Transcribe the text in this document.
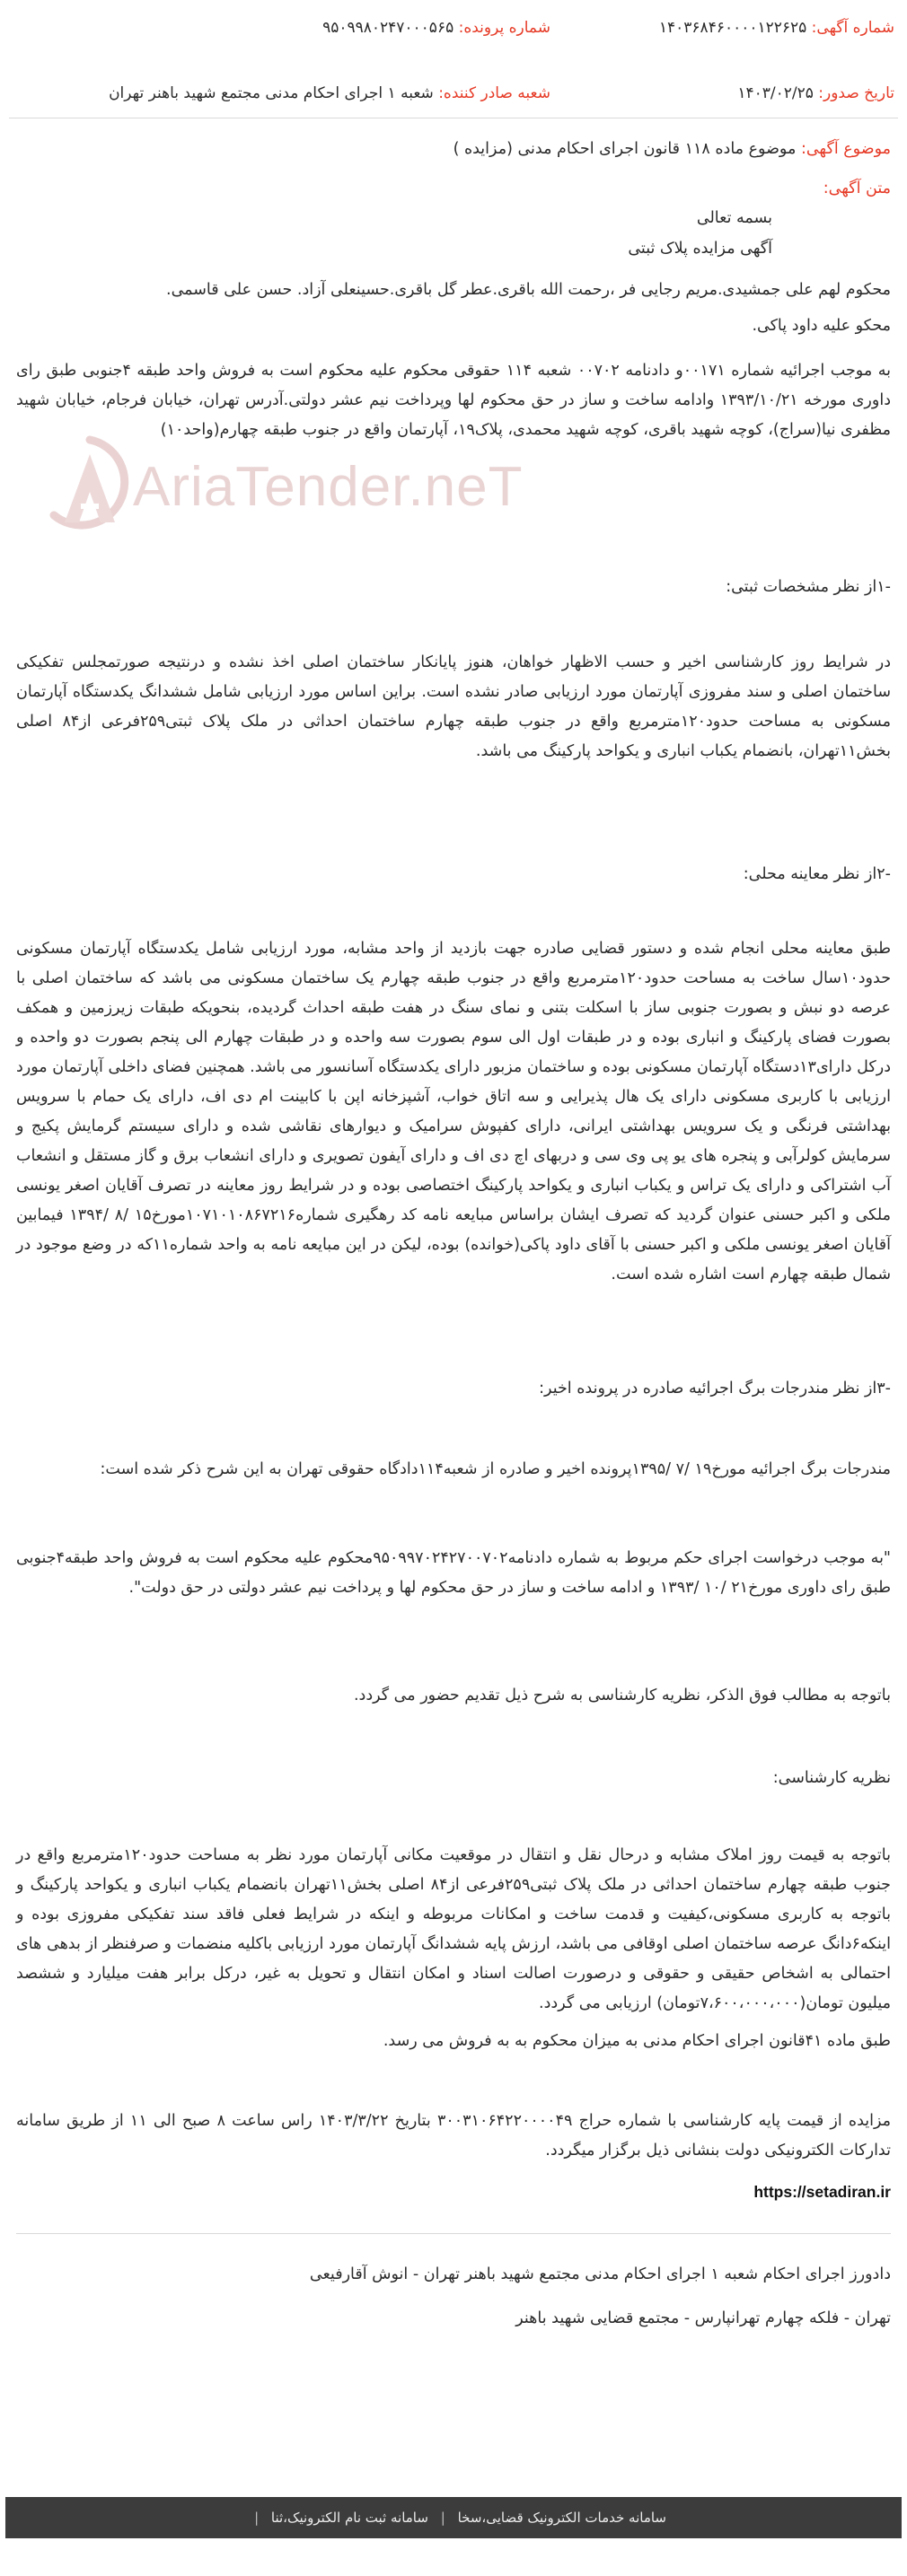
شماره آگهی: ۱۴۰۳۶۸۴۶۰۰۰۰۱۲۲۶۲۵
شماره پرونده: ۹۵۰۹۹۸۰۲۴۷۰۰۰۵۶۵
تاریخ صدور: ۱۴۰۳/۰۲/۲۵
شعبه صادر کننده: شعبه ۱ اجرای احکام مدنی مجتمع شهید باهنر تهران
AriaTender.neT
موضوع آگهی: موضوع ماده ۱۱۸ قانون اجرای احکام مدنی (مزایده )
متن آگهی:
بسمه تعالی
آگهی مزایده پلاک ثبتی
محکوم لهم علی جمشیدی.مریم رجایی فر ،رحمت الله باقری.عطر گل باقری.حسینعلی آزاد. حسن علی قاسمی.
محکو علیه داود پاکی.
به موجب اجرائیه شماره ۰۰۱۷۱و دادنامه ۰۰۷۰۲ شعبه ۱۱۴ حقوقی محکوم علیه محکوم است به فروش واحد طبقه ۴جنوبی طبق رای داوری مورخه ۱۳۹۳/۱۰/۲۱ وادامه ساخت و ساز در حق محکوم لها وپرداخت نیم عشر دولتی.آدرس تهران، خیابان فرجام، خیابان شهید مظفری نیا(سراج)، کوچه شهید باقری، کوچه شهید محمدی، پلاک۱۹، آپارتمان واقع در جنوب طبقه چهارم(واحد۱۰)
-۱از نظر مشخصات ثبتی:
در شرایط روز کارشناسی اخیر و حسب الاظهار خواهان، هنوز پایانکار ساختمان اصلی اخذ نشده و درنتیجه صورتمجلس تفکیکی ساختمان اصلی و سند مفروزی آپارتمان مورد ارزیابی صادر نشده است. براین اساس مورد ارزیابی شامل ششدانگ یکدستگاه آپارتمان مسکونی به مساحت حدود۱۲۰مترمربع واقع در جنوب طبقه چهارم ساختمان احداثی در ملک پلاک ثبتی۲۵۹فرعی از۸۴ اصلی بخش۱۱تهران، بانضمام یکباب انباری و یکواحد پارکینگ می باشد.
-۲از نظر معاینه محلی:
طبق معاینه محلی انجام شده و دستور قضایی صادره جهت بازدید از واحد مشابه، مورد ارزیابی شامل یکدستگاه آپارتمان مسکونی حدود۱۰سال ساخت به مساحت حدود۱۲۰مترمربع واقع در جنوب طبقه چهارم یک ساختمان مسکونی می باشد که ساختمان اصلی با عرصه دو نبش و بصورت جنوبی ساز با اسکلت بتنی و نمای سنگ در هفت طبقه احداث گردیده، بنحویکه طبقات زیرزمین و همکف بصورت فضای پارکینگ و انباری بوده و در طبقات اول الی سوم بصورت سه واحده و در طبقات چهارم الی پنجم بصورت دو واحده و درکل دارای۱۳دستگاه آپارتمان مسکونی بوده و ساختمان مزبور دارای یکدستگاه آسانسور می باشد. همچنین فضای داخلی آپارتمان مورد ارزیابی با کاربری مسکونی دارای یک هال پذیرایی و سه اتاق خواب، آشپزخانه اپن با کابینت ام دی اف، دارای یک حمام با سرویس بهداشتی فرنگی و یک سرویس بهداشتی ایرانی، دارای کفپوش سرامیک و دیوارهای نقاشی شده و دارای سیستم گرمایش پکیج و سرمایش کولرآبی و پنجره های یو پی وی سی و دربهای اچ دی اف و دارای آیفون تصویری و دارای انشعاب برق و گاز مستقل و انشعاب آب اشتراکی و دارای یک تراس و یکباب انباری و یکواحد پارکینگ اختصاصی بوده و در شرایط روز معاینه در تصرف آقایان اصغر یونسی ملکی و اکبر حسنی عنوان گردید که تصرف ایشان براساس مبایعه نامه کد رهگیری شماره۱۰۷۱۰۱۰۸۶۷۲۱۶مورخ۱۵ /۸ /۱۳۹۴ فیمابین آقایان اصغر یونسی ملکی و اکبر حسنی با آقای داود پاکی(خوانده) بوده، لیکن در این مبایعه نامه به واحد شماره۱۱که در وضع موجود در شمال طبقه چهارم است اشاره شده است.
-۳از نظر مندرجات برگ اجرائیه صادره در پرونده اخیر:
مندرجات برگ اجرائیه مورخ۱۹ /۷ /۱۳۹۵پرونده اخیر و صادره از شعبه۱۱۴دادگاه حقوقی تهران به این شرح ذکر شده است:
"به موجب درخواست اجرای حکم مربوط به شماره دادنامه۹۵۰۹۹۷۰۲۴۲۷۰۰۷۰۲محکوم علیه محکوم است به فروش واحد طبقه۴جنوبی طبق رای داوری مورخ۲۱ /۱۰ /۱۳۹۳ و ادامه ساخت و ساز در حق محکوم لها و پرداخت نیم عشر دولتی در حق دولت".
باتوجه به مطالب فوق الذکر، نظریه کارشناسی به شرح ذیل تقدیم حضور می گردد.
نظریه کارشناسی:
باتوجه به قیمت روز املاک مشابه و درحال نقل و انتقال در موقعیت مکانی آپارتمان مورد نظر به مساحت حدود۱۲۰مترمربع واقع در جنوب طبقه چهارم ساختمان احداثی در ملک پلاک ثبتی۲۵۹فرعی از۸۴ اصلی بخش۱۱تهران بانضمام یکباب انباری و یکواحد پارکینگ و باتوجه به کاربری مسکونی،کیفیت و قدمت ساخت و امکانات مربوطه و اینکه در شرایط فعلی فاقد سند تفکیکی مفروزی بوده و اینکه۶دانگ عرصه ساختمان اصلی اوقافی می باشد، ارزش پایه ششدانگ آپارتمان مورد ارزیابی باکلیه منضمات و صرفنظر از بدهی های احتمالی به اشخاص حقیقی و حقوقی و درصورت اصالت اسناد و امکان انتقال و تحویل به غیر، درکل برابر هفت میلیارد و ششصد میلیون تومان(۷،۶۰۰،۰۰۰،۰۰۰تومان) ارزیابی می گردد.
طبق ماده ۴۱قانون اجرای احکام مدنی به میزان محکوم به به فروش می رسد.
مزایده از قیمت پایه کارشناسی با شماره حراج ۳۰۰۳۱۰۶۴۲۲۰۰۰۰۴۹ بتاریخ ۱۴۰۳/۳/۲۲ راس ساعت ۸ صبح الی ۱۱ از طریق سامانه تدارکات الکترونیکی دولت بنشانی ذیل برگزار میگردد.
https://setadiran.ir
دادورز اجرای احکام شعبه ۱ اجرای احکام مدنی مجتمع شهید باهنر تهران - انوش آقارفیعی
تهران - فلکه چهارم تهرانپارس - مجتمع قضایی شهید باهنر
سامانه خدمات الکترونیک قضایی،سخا | سامانه ثبت نام الکترونیک،ثنا |
